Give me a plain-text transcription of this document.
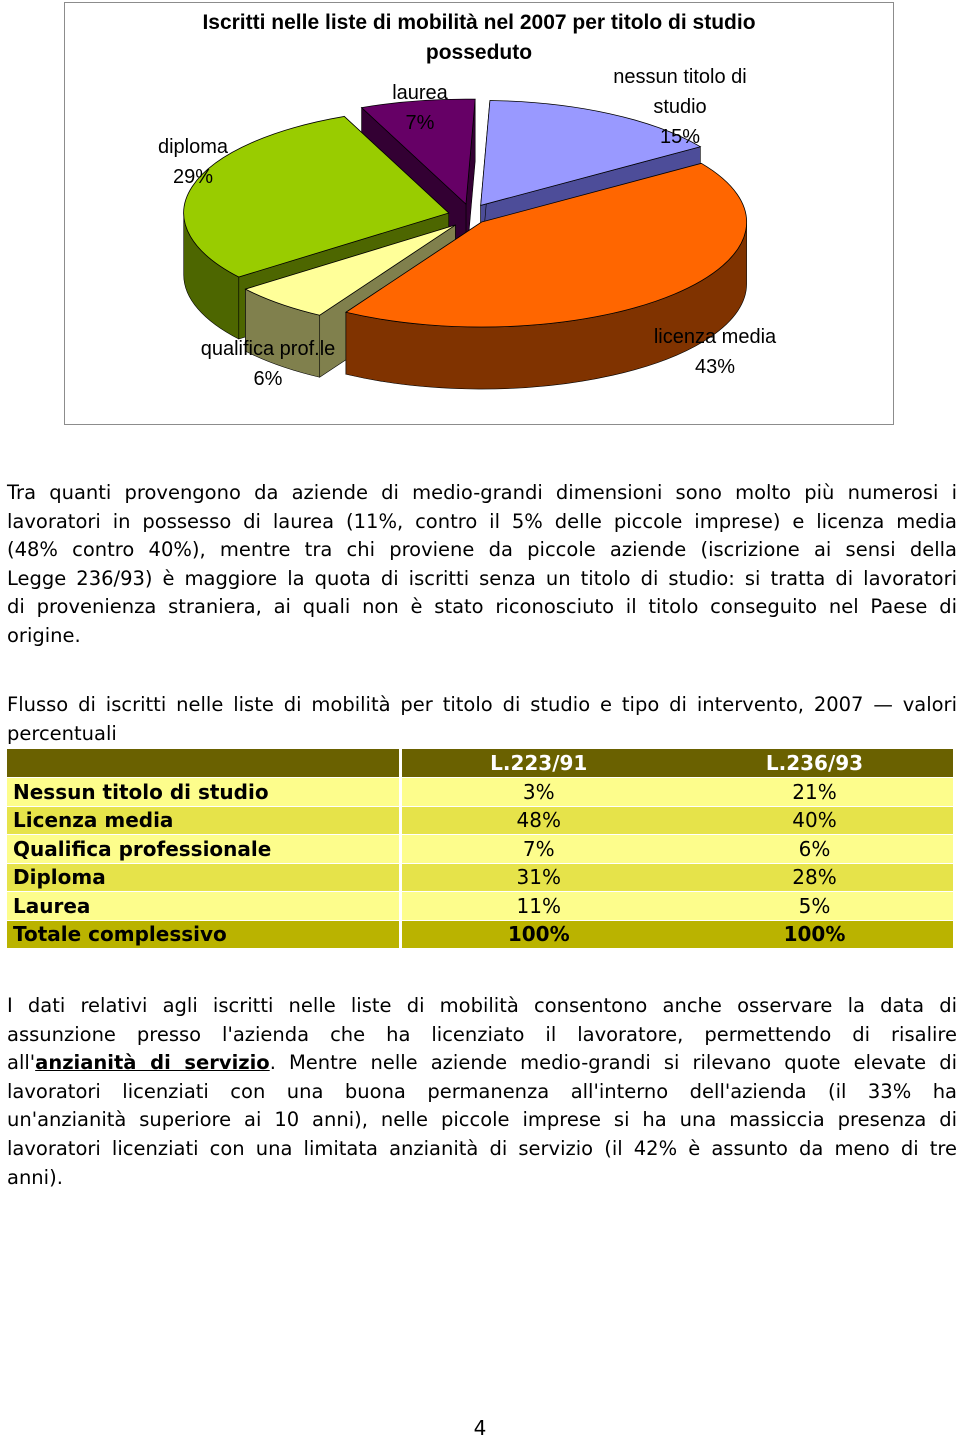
Iscritti nelle liste di mobilità nel 2007 per titolo di studio
posseduto
nessun titolo di
studio
15%
licenza media
43%
qualifica prof.le
6%
diploma
29%
laurea
7%
Tra quanti provengono da aziende di medio-grandi dimensioni sono molto più numerosi i
lavoratori in possesso di laurea (11%, contro il 5% delle piccole imprese) e licenza media
(48% contro 40%), mentre tra chi proviene da piccole aziende (iscrizione ai sensi della
Legge 236/93) è maggiore la quota di iscritti senza un titolo di studio: si tratta di lavoratori
di provenienza straniera, ai quali non è stato riconosciuto il titolo conseguito nel Paese di
origine.
Flusso di iscritti nelle liste di mobilità per titolo di studio e tipo di intervento, 2007 — valori
percentuali
	L.223/91	L.236/93
Nessun titolo di studio	3%	21%
Licenza media	48%	40%
Qualifica professionale	7%	6%
Diploma	31%	28%
Laurea	11%	5%
Totale complessivo	100%	100%
I dati relativi agli iscritti nelle liste di mobilità consentono anche osservare la data di
assunzione presso l'azienda che ha licenziato il lavoratore, permettendo di risalire
all'anzianità di servizio. Mentre nelle aziende medio-grandi si rilevano quote elevate di
lavoratori licenziati con una buona permanenza all'interno dell'azienda (il 33% ha
un'anzianità superiore ai 10 anni), nelle piccole imprese si ha una massiccia presenza di
lavoratori licenziati con una limitata anzianità di servizio (il 42% è assunto da meno di tre
anni).
4
